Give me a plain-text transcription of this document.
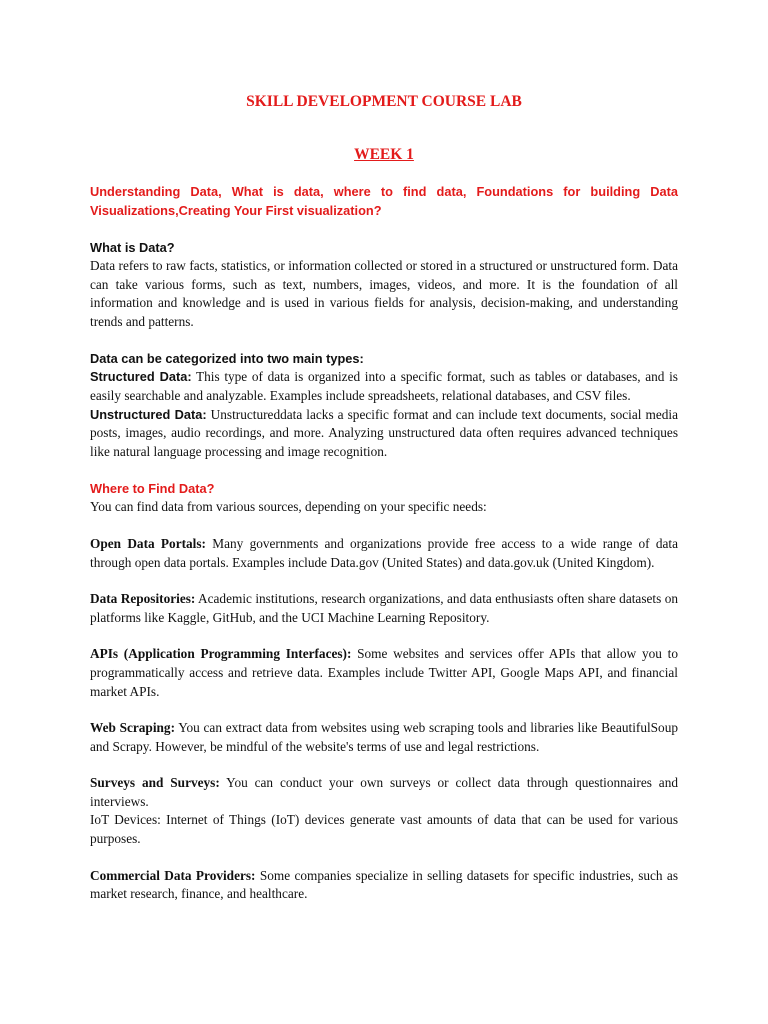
SKILL DEVELOPMENT COURSE LAB
WEEK 1

Understanding Data, What is data, where to find data, Foundations for building Data Visualizations,Creating Your First visualization?

What is Data?

Data refers to raw facts, statistics, or information collected or stored in a structured or unstructured form. Data can take various forms, such as text, numbers, images, videos, and more. It is the foundation of all information and knowledge and is used in various fields for analysis, decision-making, and understanding trends and patterns.

Data can be categorized into two main types:

Structured Data: This type of data is organized into a specific format, such as tables or databases, and is easily searchable and analyzable. Examples include spreadsheets, relational databases, and CSV files.

Unstructured Data: Unstructureddata lacks a specific format and can include text documents, social media posts, images, audio recordings, and more. Analyzing unstructured data often requires advanced techniques like natural language processing and image recognition.

Where to Find Data?

You can find data from various sources, depending on your specific needs:

Open Data Portals: Many governments and organizations provide free access to a wide range of data through open data portals. Examples include Data.gov (United States) and data.gov.uk (United Kingdom).

Data Repositories: Academic institutions, research organizations, and data enthusiasts often share datasets on platforms like Kaggle, GitHub, and the UCI Machine Learning Repository.

APIs (Application Programming Interfaces): Some websites and services offer APIs that allow you to programmatically access and retrieve data. Examples include Twitter API, Google Maps API, and financial market APIs.

Web Scraping: You can extract data from websites using web scraping tools and libraries like BeautifulSoup and Scrapy. However, be mindful of the website's terms of use and legal restrictions.

Surveys and Surveys: You can conduct your own surveys or collect data through questionnaires and interviews.

IoT Devices: Internet of Things (IoT) devices generate vast amounts of data that can be used for various purposes.

Commercial Data Providers: Some companies specialize in selling datasets for specific industries, such as market research, finance, and healthcare.
